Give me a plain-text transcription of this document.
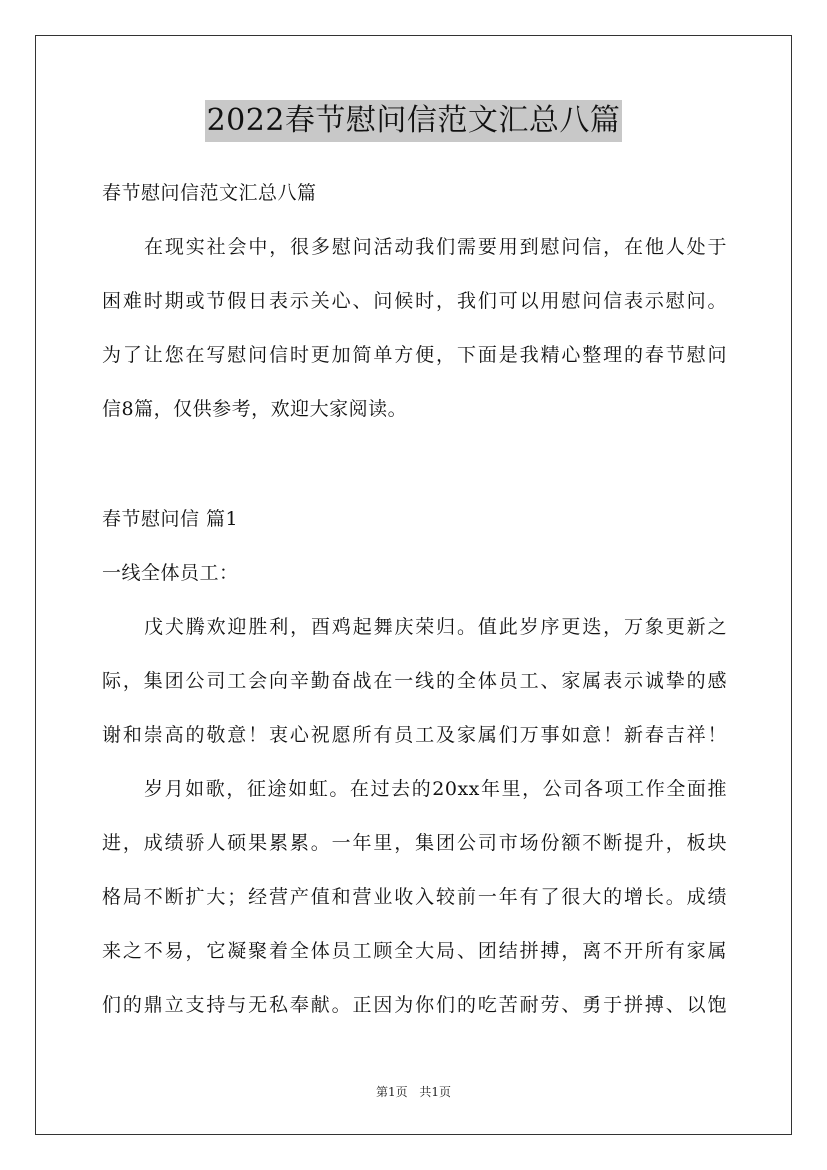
2022春节慰问信范文汇总八篇
春节慰问信范文汇总八篇
在现实社会中，很多慰问活动我们需要用到慰问信，在他人处于
困难时期或节假日表示关心、问候时，我们可以用慰问信表示慰问。
为了让您在写慰问信时更加简单方便，下面是我精心整理的春节慰问
信8篇，仅供参考，欢迎大家阅读。
春节慰问信 篇1
一线全体员工：
戊犬腾欢迎胜利，酉鸡起舞庆荣归。值此岁序更迭，万象更新之
际，集团公司工会向辛勤奋战在一线的全体员工、家属表示诚挚的感
谢和崇高的敬意！衷心祝愿所有员工及家属们万事如意！新春吉祥！
岁月如歌，征途如虹。在过去的20xx年里，公司各项工作全面推
进，成绩骄人硕果累累。一年里，集团公司市场份额不断提升，板块
格局不断扩大；经营产值和营业收入较前一年有了很大的增长。成绩
来之不易，它凝聚着全体员工顾全大局、团结拼搏，离不开所有家属
们的鼎立支持与无私奉献。正因为你们的吃苦耐劳、勇于拼搏、以饱
第1页 共1页
